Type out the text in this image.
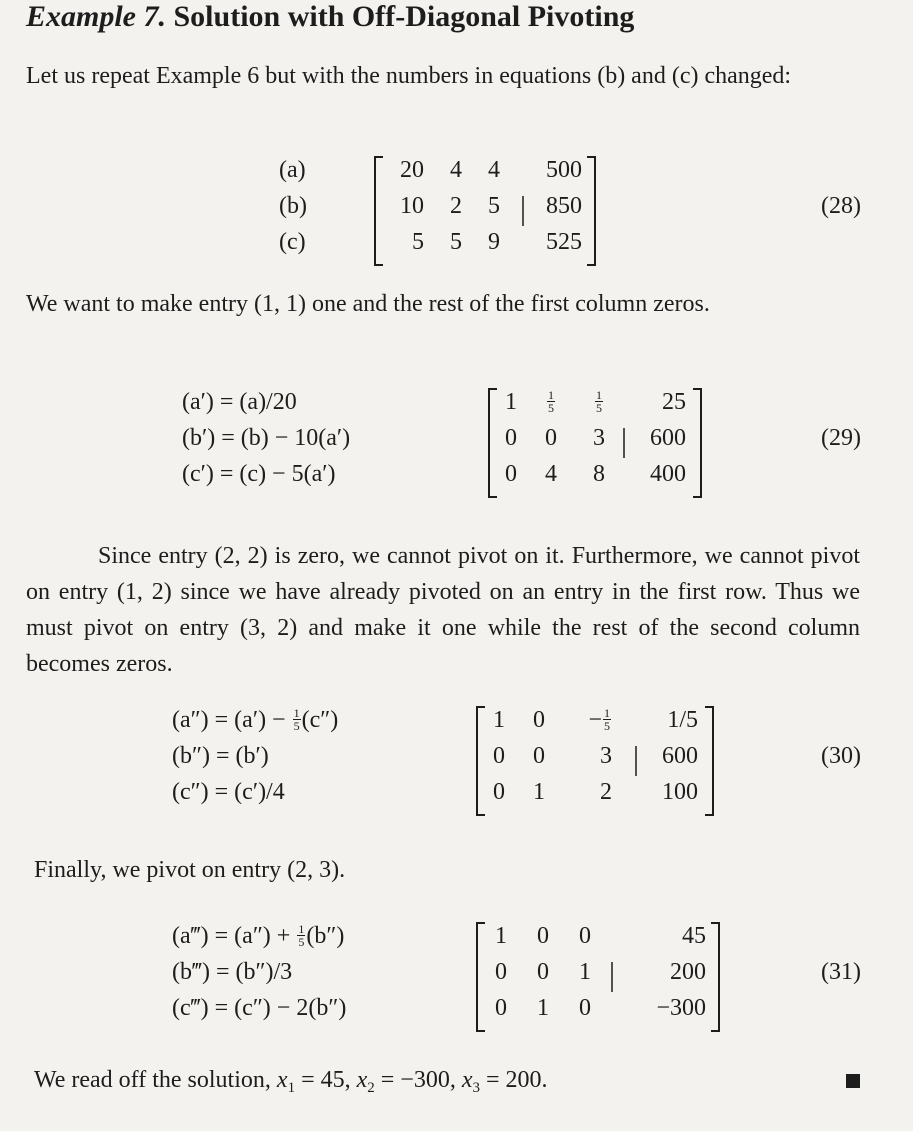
Example 7. Solution with Off-Diagonal Pivoting
Let us repeat Example 6 but with the numbers in equations (b) and (c) changed:
(a)
(b)
(c)
20
10
5
4
2
5
4
5
9
500
850
525
(28)
We want to make entry (1, 1) one and the rest of the first column zeros.
(a′) = (a)/20
(b′) = (b) − 10(a′)
(c′) = (c) − 5(a′)
1
0
0
$\frac{1}{5}$
0
4
$\frac{1}{5}$
3
8
25
600
400
(29)
Since entry (2, 2) is zero, we cannot pivot on it. Furthermore, we cannot pivot on entry (1, 2) since we have already pivoted on an entry in the first row. Thus we must pivot on entry (3, 2) and make it one while the rest of the second column becomes zeros.
$(a'') = (a') - \frac{1}{5} (c'')$
(b″) = (b′)
(c″) = (c′)/4
1
0
0
0
0
1
− $\frac{1}{5}$
3
2
1/5
600
100
(30)
Finally, we pivot on entry (2, 3).
(a‴) = $(a'') + \frac{1}{5} (b'')$
(b‴) = (b″)/3
(c‴) = (c″) − 2(b″)
1
0
0
0
0
1
0
1
0
45
200
−300
(31)
We read off the solution, $x_1 = 45$, $x_2 = -300$, $x_3 = 200$.
